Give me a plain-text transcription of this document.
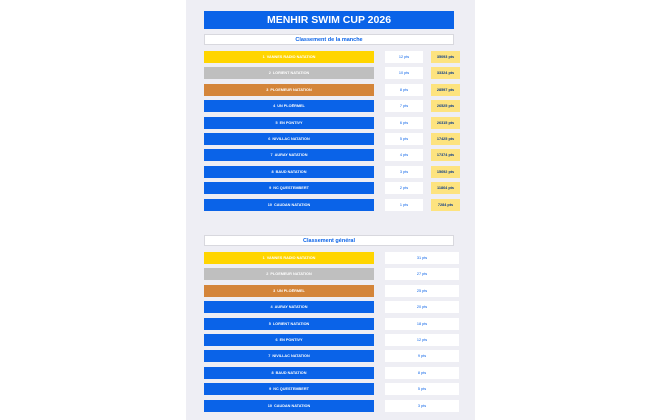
MENHIR SWIM CUP 2026
Classement de la manche
1 VANNES RADIO NATATION	12 pts	35093 pts
2 LORIENT NATATION	10 pts	33324 pts
3 PLOEMEUR NATATION	8 pts	28597 pts
4 UN PLOËRMEL	7 pts	26525 pts
5 EN PONTIVY	6 pts	26315 pts
6 NIVILLAC NATATION	5 pts	17425 pts
7 AURAY NATATION	4 pts	17374 pts
8 BAUD NATATION	3 pts	15692 pts
9 NC QUESTEMBERT	2 pts	11864 pts
10 CAUDAN NATATION	1 pts	7284 pts
Classement général
1 VANNES RADIO NATATION	31 pts
2 PLOEMEUR NATATION	27 pts
3 UN PLOËRMEL	25 pts
4 AURAY NATATION	20 pts
5 LORIENT NATATION	18 pts
6 EN PONTIVY	12 pts
7 NIVILLAC NATATION	9 pts
8 BAUD NATATION	8 pts
9 NC QUESTEMBERT	5 pts
10 CAUDAN NATATION	3 pts
